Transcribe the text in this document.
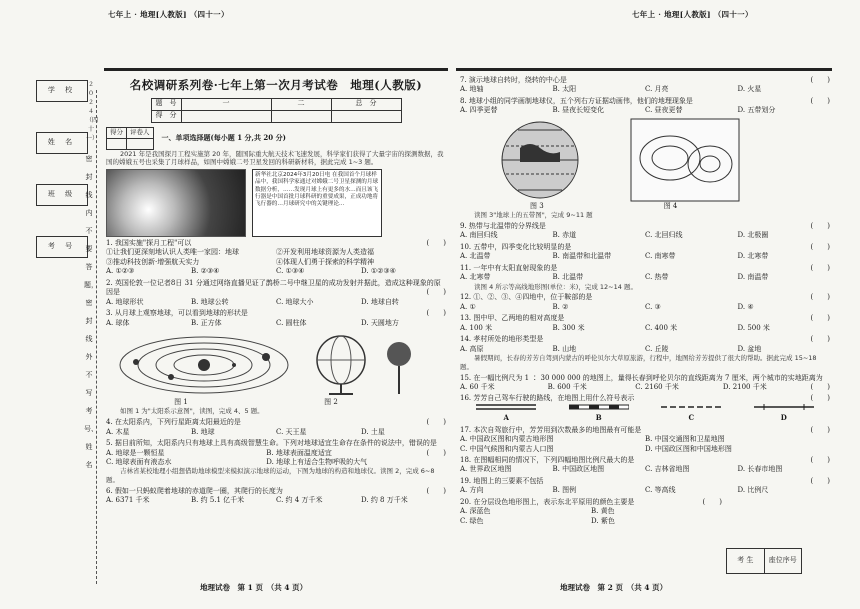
七年上 · 地理[人教版] （四十一）	七年上 · 地理[人教版] （四十一）
学 校
姓 名
班 级
考 号
２０２４（四十一）
密封线内不要答题，密封线外不写考号、姓名
名校调研系列卷·七年上第一次月考试卷　地理(人教版)
题　号	一	二	总　分
得　分			
得分	评卷人

一、单项选择题(每小题 1 分,共 20 分)

2021 年是我国探月工程实施第 20 年，随国际重大航天技术飞速发展，科学家们获得了大量宇宙的探测数据，我国的嫦娥五号也采集了月球样品，如图中嫦娥二号卫星发回的科研新材料，据此完成 1~3 题。

新华社北京2024年3月20日电 在我国首个月球样品中，我国科学家通过对嫦娥二号卫星探测的月球数据分析，……发现月球上有更多的水…而且该飞行器是中国首批月球科研的重要成果，正成功地将飞行器的…月球研究中的关键理论…
1. 我国实施"探月工程"可以	(　　)
①让我们更深刻地认识人类唯一家园：地球	②开发利用地球资源为人类造福
③推动科技创新·增强航天实力	④体现人们勇于探索的科学精神
A. ①②③	B. ②③④	C. ①③④	D. ①②③④
2. 英国伦敦一位记者8日 31 分通过网络直播见证了鹊桥二号中继卫星的成功发射并据此，造成这种现象的原因是	(　　)
A. 地球形状	B. 地球公转	C. 地球大小	D. 地球自转
3. 从月球上观察地球，可以看到地球的形状是	(　　)
A. 球体	B. 正方体	C. 圆柱体	D. 天圆地方
图 1	图 2

如图 1 为"太阳系示意图"，读图，完成 4、5 题。

4. 在太阳系内，下列行星距离太阳最近的是	(　　)
A. 木星	B. 地球	C. 天王星	D. 土星
5. 据目前所知，太阳系内只有地球上具有高级智慧生命。下列对地球适宜生命存在条件的说法中，错误的是
(　　)
A. 地球是一颗恒星	B. 地球表面温度适宜
C. 地球表面有液态水	D. 地球上有适合生物呼吸的大气

吉林省某校地理小组想借助地球模型来模拟演示地球的运动，下图为地球的构造和地球仪。读图 2，完成 6~8 题。

6. 假如一只蚂蚁爬着地球的赤道爬一圈，其爬行的长度为	(　　)
A. 6371 千米	B. 约 5.1 亿千米	C. 约 4 万千米	D. 约 8 万千米
地理试卷　第 1 页　（共 4 页）
7. 演示地球自转时，绕转的中心是	(　　)
A. 地轴	B. 太阳	C. 月亮	D. 火星
8. 地球小组的同学画制地球仪，五个列右方证据动画伟，他们的地理现象是	(　　)
A. 四季更替	B. 昼夜长短变化	C. 昼夜更替	D. 五带划分
图 3	图 4

读图 3"地球上的五带图"，完成 9~11 题

9. 热带与北温带的分界线是	(　　)
A. 南回归线	B. 赤道	C. 北回归线	D. 北极圈
10. 五带中，四季变化比较明显的是	(　　)
A. 北温带	B. 南温带和北温带	C. 南寒带	D. 北寒带
11. 一年中有太阳直射现象的是	(　　)
A. 北寒带	B. 北温带	C. 热带	D. 南温带

读图 4 所示等高线地形图(单位：米)，完成 12~14 题。

12. ①、②、③、④四地中，位于鞍部的是	(　　)
A. ①	B. ②	C. ③	D. ④
13. 图中甲、乙两地的相对高度是	(　　)
A. 100 米	B. 300 米	C. 400 米	D. 500 米
14. 孝村所处的地形类型是	(　　)
A. 高原	B. 山地	C. 丘陵	D. 盆地

暑假期间，长春的芳芳自驾到内蒙古的呼伦贝尔大草原旅游，行程中，地图给芳芳提供了很大的帮助。据此完成 15~18 题。

15. 在一幅比例尺为 1 ∶ 30 000 000 的地图上，量得长春到呼伦贝尔的直线距离为 7 厘米，两个城市的实地距离为
(　　)
A. 60 千米	B. 600 千米	C. 2160 千米	D. 2100 千米
16. 芳芳自己驾车行驶的路线，在地图上用什么符号表示	(　　)

A	B	C	D
17. 本次自驾旅行中，芳芳用到次数最多的地图最有可能是	(　　)
A. 中国政区图和内蒙古地形图	B. 中国交通图和卫星地图
C. 中国气候图和内蒙古人口图	D. 中国政区图和中国地形图
18. 在图幅相同的情况下，下列四幅地图比例尺最大的是	(　　)
A. 世界政区地图	B. 中国政区地图	C. 吉林省地图	D. 长春市地图
19. 地图上的三要素不包括	(　　)
A. 方向	B. 图例	C. 等高线	D. 比例尺
20. 在分层设色地形图上，表示东北平原用的颜色主要是	(　　)
A. 深蓝色	B. 黄色
C. 绿色	D. 紫色
考 生	座位序号
地理试卷　第 2 页　（共 4 页）
